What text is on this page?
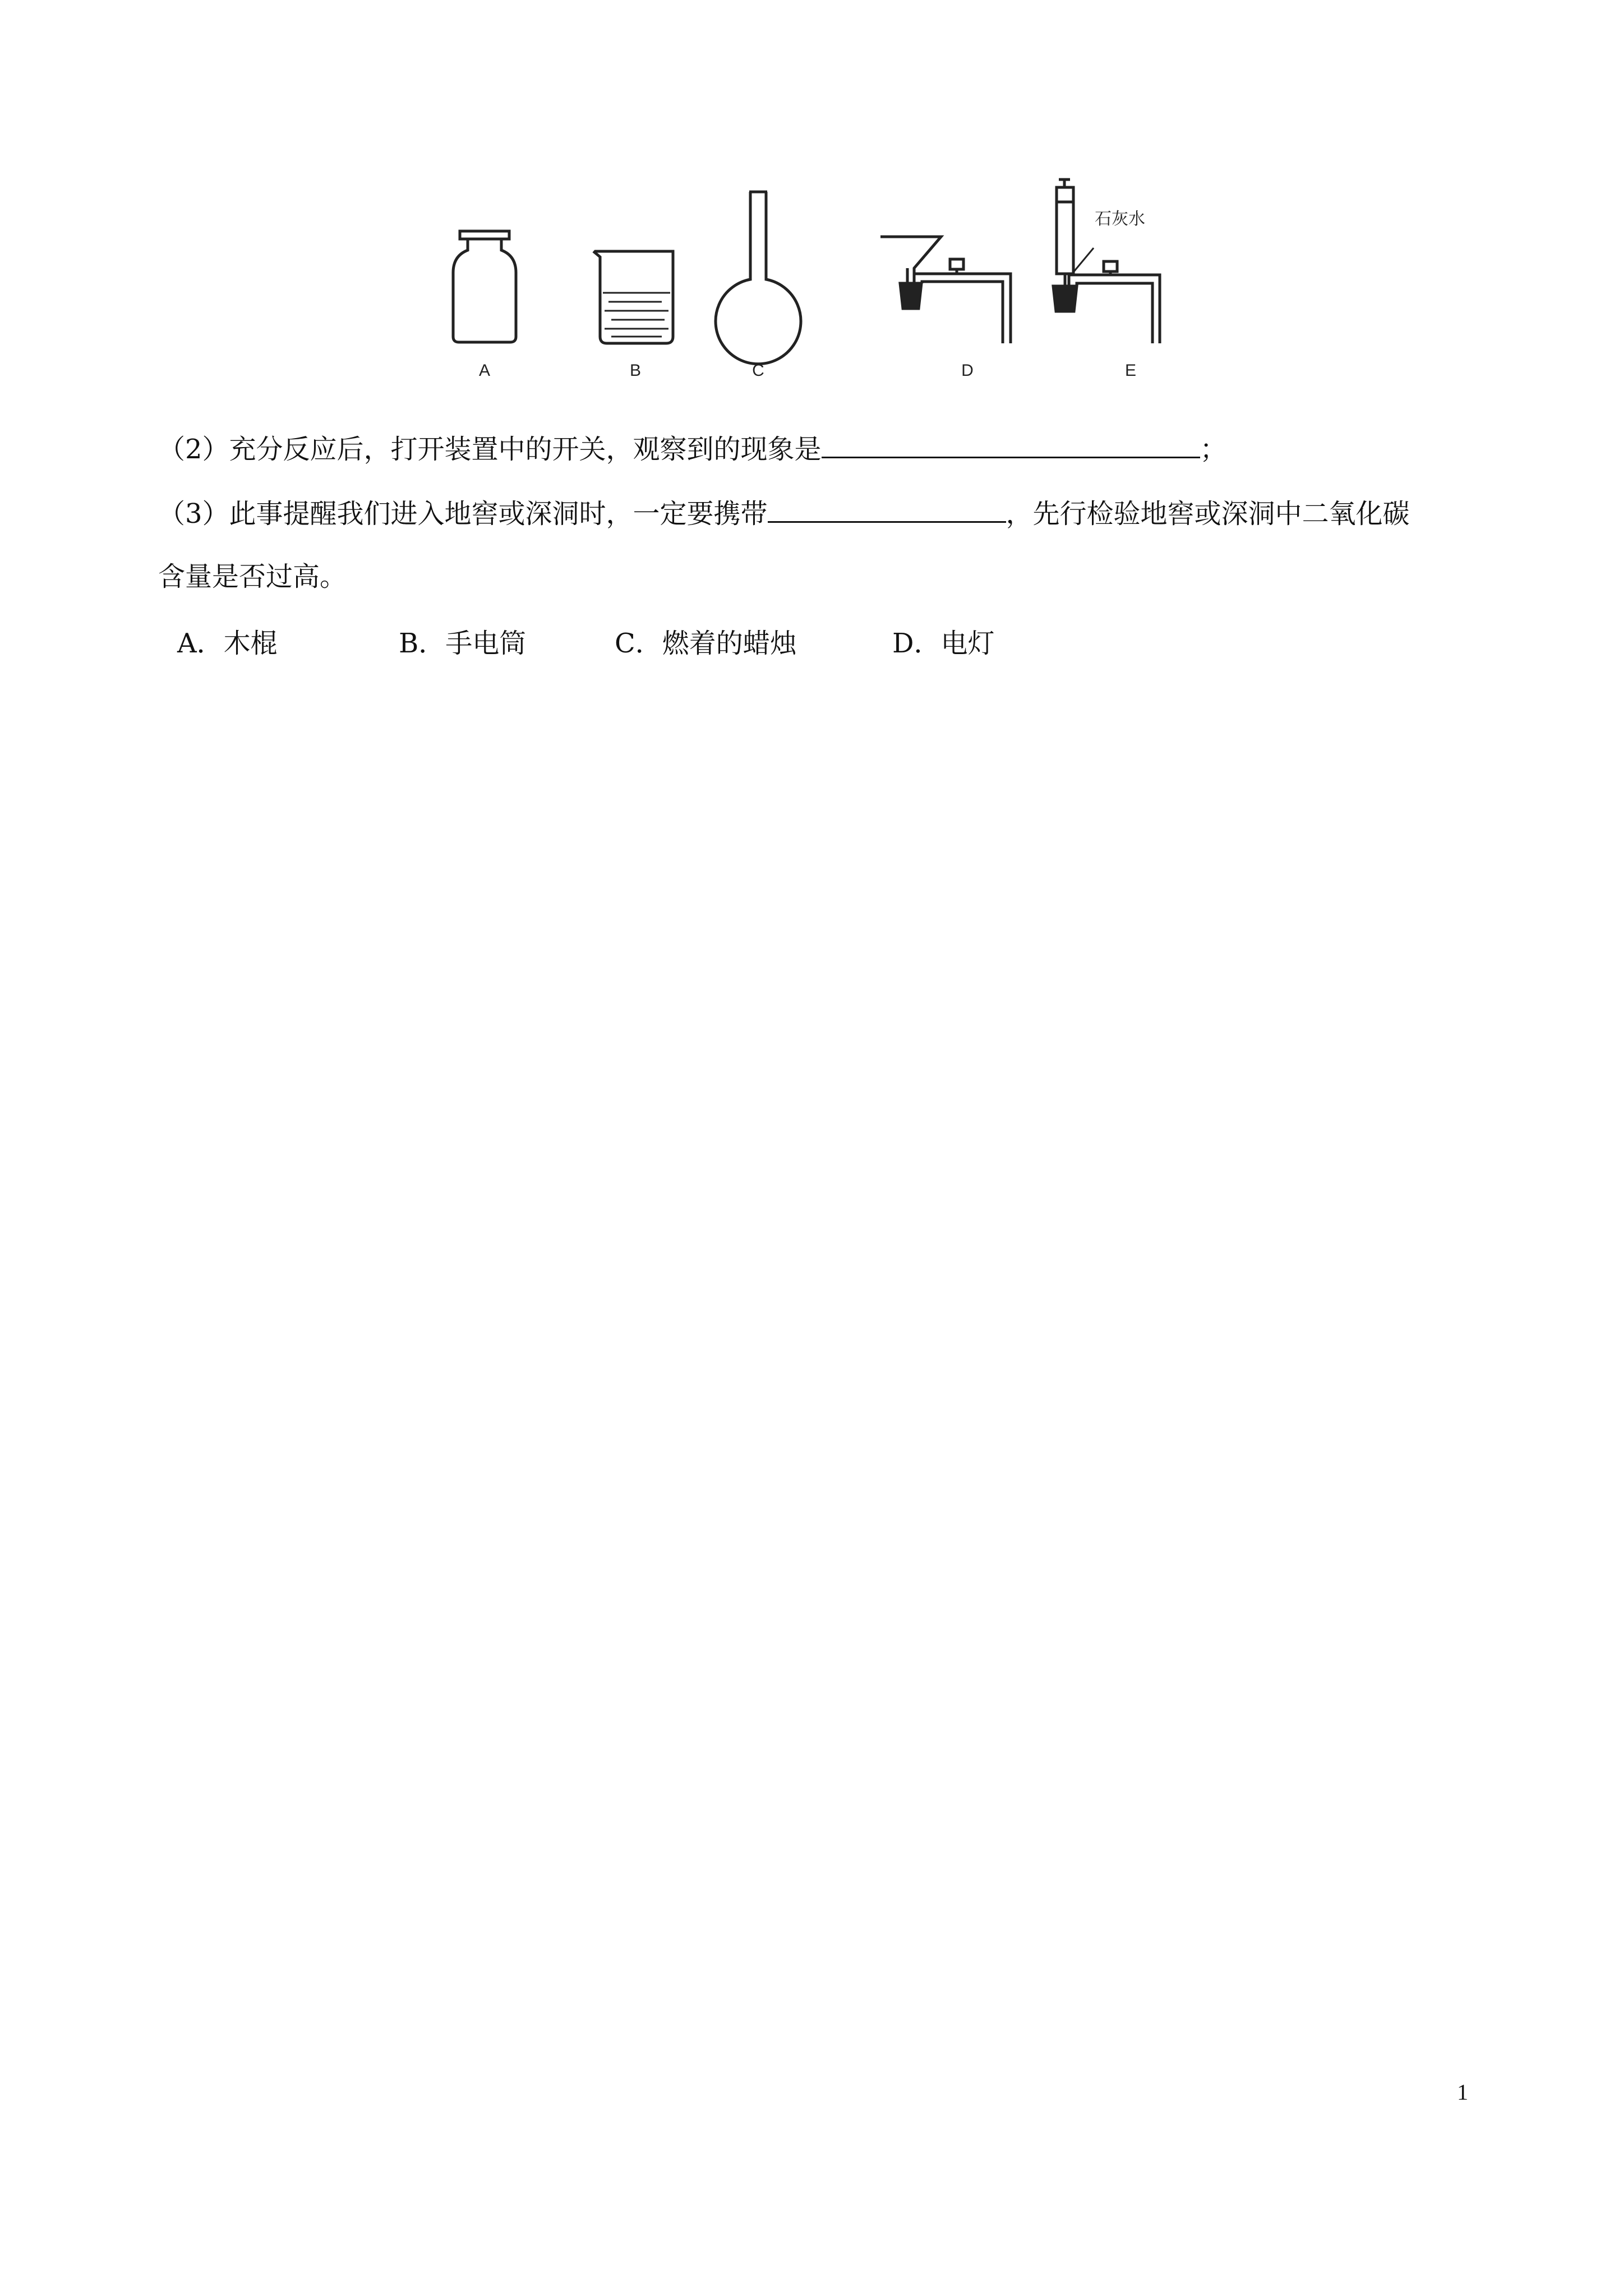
石灰水
A	B	C	D	E
（2）充分反应后，打开装置中的开关，观察到的现象是	；
（3）此事提醒我们进入地窖或深洞时，一定要携带	，先行检验地窖或深洞中二氧化碳
含量是否过高。
A．木棍	B．手电筒	C．燃着的蜡烛	D．电灯
1
